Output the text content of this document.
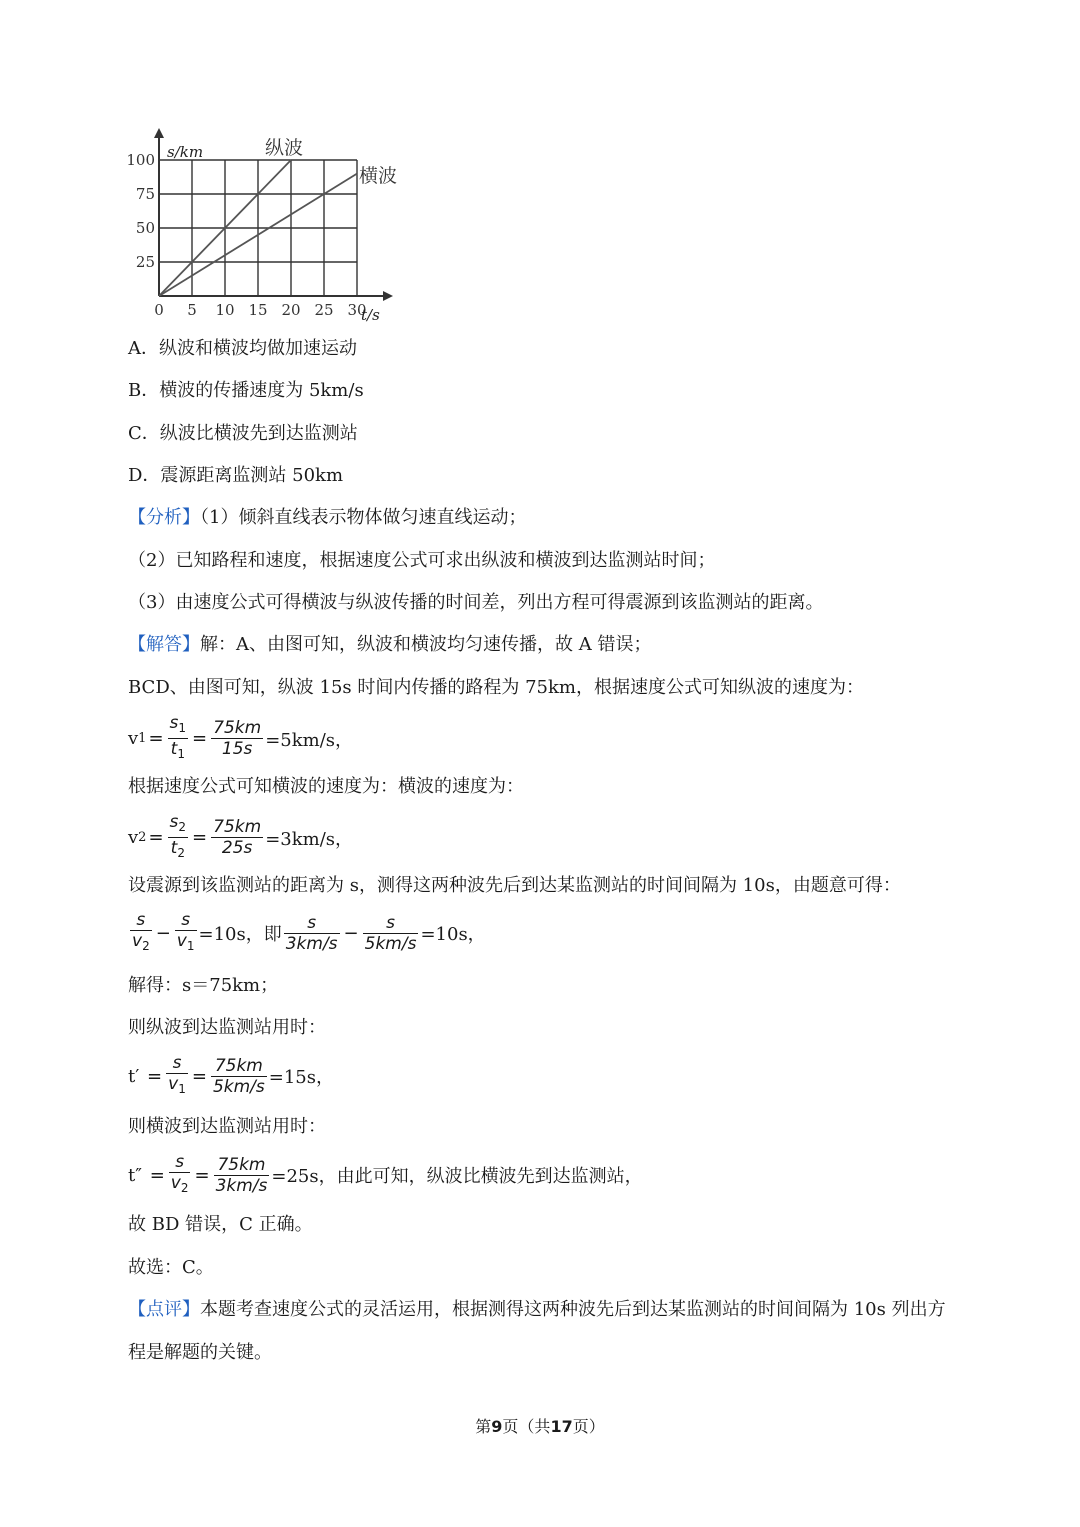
0 5 10 15 20 25 30
25
50
75
100 s/km
t/s
纵波
横波
A．纵波和横波均做加速运动
B．横波的传播速度为 5km/s
C．纵波比横波先到达监测站
D．震源距离监测站 50km
【分析】（1）倾斜直线表示物体做匀速直线运动；
（2）已知路程和速度，根据速度公式可求出纵波和横波到达监测站时间；
（3）由速度公式可得横波与纵波传播的时间差，列出方程可得震源到该监测站的距离。
【解答】解：A、由图可知，纵波和横波均匀速传播，故 A 错误；
BCD、由图可知，纵波 15s 时间内传播的路程为 75km，根据速度公式可知纵波的速度为：
v $1 = \frac{s_1}{t_1} = \frac{75km}{15s} =5km/s$，
根据速度公式可知横波的速度为：横波的速度为：
v $2 = \frac{s_2}{t_2} = \frac{75km}{25s} =3km/s$，
设震源到该监测站的距离为 s，测得这两种波先后到达某监测站的时间间隔为 10s，由题意可得：
$\frac{s}{v_2} - \frac{s}{v_1} =10s$，即 $\frac{s}{3km/s} - \frac{s}{5km/s} =10s$，
解得：s＝75km；
则纵波到达监测站用时：
$t' = \frac{s}{v_1} = \frac{75km}{5km/s} =15s$，
则横波到达监测站用时：
$t'' = \frac{s}{v_2} = \frac{75km}{3km/s} =25s$，由此可知，纵波比横波先到达监测站，
故 BD 错误，C 正确。
故选：C。
【点评】本题考查速度公式的灵活运用，根据测得这两种波先后到达某监测站的时间间隔为 10s 列出方
程是解题的关键。
第9页（共17页）
